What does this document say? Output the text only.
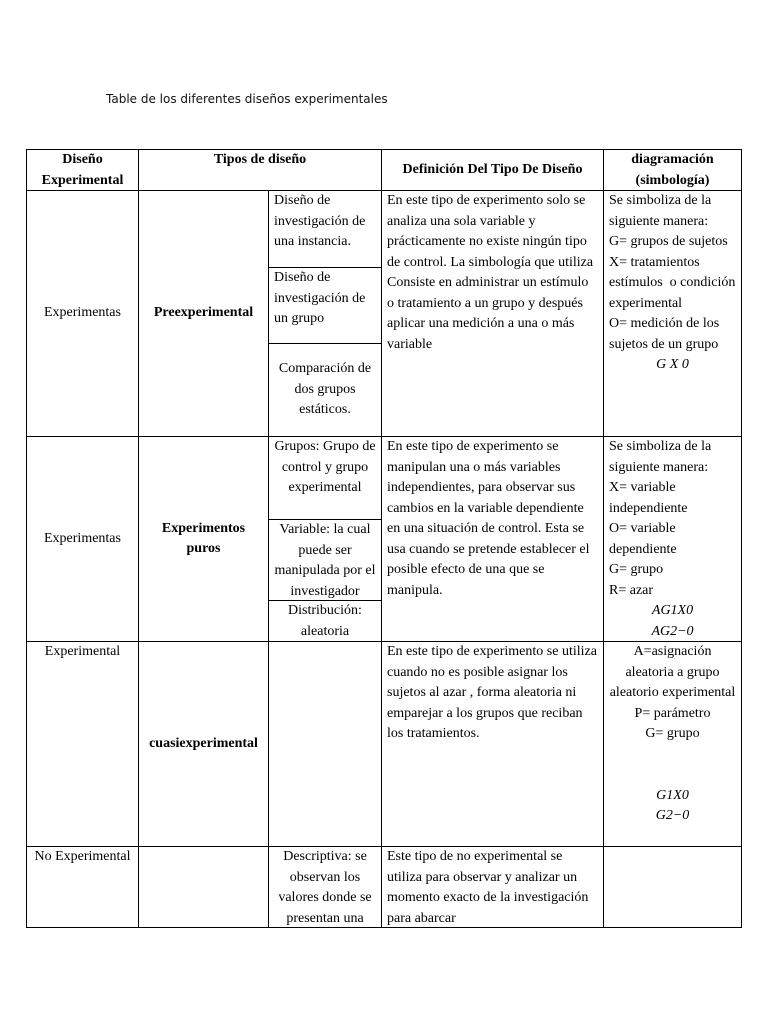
Table de los diferentes diseños experimentales
Diseño Experimental
Tipos de diseño
Definición Del Tipo De Diseño
diagramación (simbología)
Experimentas	Preexperimental
Diseño de investigación de una instancia.
Diseño de investigación de un grupo
Comparación de dos grupos estáticos.
En este tipo de experimento solo se analiza una sola variable y prácticamente no existe ningún tipo de control. La simbología que utiliza Consiste en administrar un estímulo o tratamiento a un grupo y después aplicar una medición a una o más variable
Se simboliza de la siguiente manera:
G= grupos de sujetos
X= tratamientos estímulos  o condición experimental
O= medición de los sujetos de un grupo
G X 0
Experimentas
Experimentos puros
Grupos: Grupo de control y grupo experimental
Variable: la cual puede ser manipulada por el investigador
Distribución: aleatoria
En este tipo de experimento se manipulan una o más variables independientes, para observar sus cambios en la variable dependiente en una situación de control. Esta se usa cuando se pretende establecer el posible efecto de una que se manipula.
Se simboliza de la siguiente manera:
X= variable independiente
O= variable dependiente
G= grupo
R= azar
AG1X0
AG2−0
Experimental
cuasiexperimental
En este tipo de experimento se utiliza cuando no es posible asignar los sujetos al azar , forma aleatoria ni emparejar a los grupos que reciban los tratamientos.
A=asignación aleatoria a grupo aleatorio experimental
P= parámetro
G= grupo
G1X0
G2−0
No Experimental	Descriptiva: se observan los valores donde se presentan una
Este tipo de no experimental se utiliza para observar y analizar un momento exacto de la investigación para abarcar
